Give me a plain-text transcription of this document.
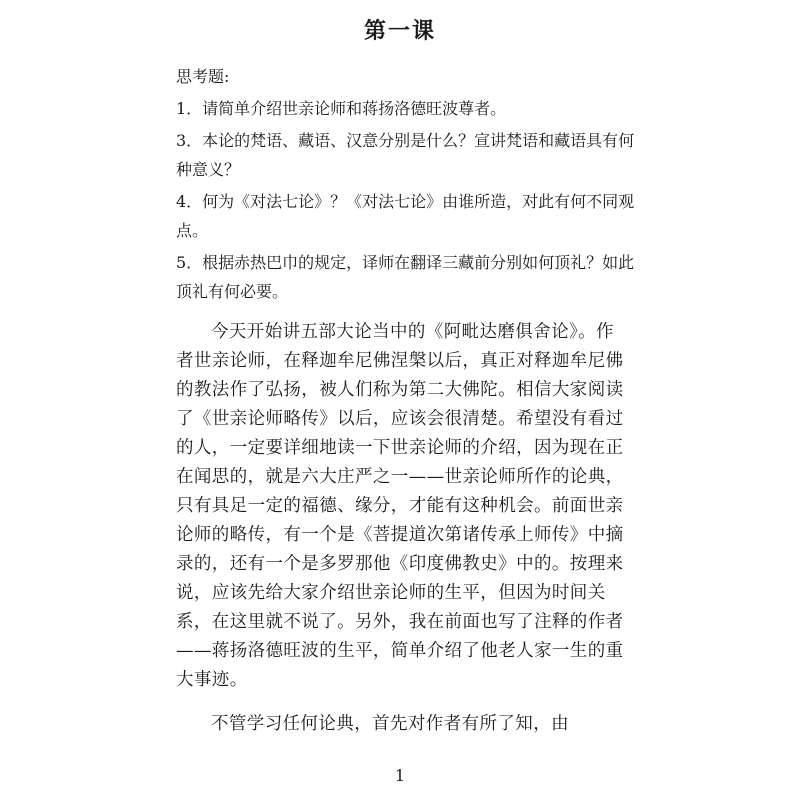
第一课
思考题:
1．请简单介绍世亲论师和蒋扬洛德旺波尊者。
3．本论的梵语、藏语、汉意分别是什么？宣讲梵语和藏语具有何种意义？
4．何为《对法七论》？《对法七论》由谁所造，对此有何不同观点。
5．根据赤热巴巾的规定，译师在翻译三藏前分别如何顶礼？如此顶礼有何必要。

今天开始讲五部大论当中的《阿毗达磨俱舍论》。作者世亲论师，在释迦牟尼佛涅槃以后，真正对释迦牟尼佛的教法作了弘扬，被人们称为第二大佛陀。相信大家阅读了《世亲论师略传》以后，应该会很清楚。希望没有看过的人，一定要详细地读一下世亲论师的介绍，因为现在正在闻思的，就是六大庄严之一——世亲论师所作的论典，只有具足一定的福德、缘分，才能有这种机会。前面世亲论师的略传，有一个是《菩提道次第诸传承上师传》中摘录的，还有一个是多罗那他《印度佛教史》中的。按理来说，应该先给大家介绍世亲论师的生平，但因为时间关系，在这里就不说了。另外，我在前面也写了注释的作者——蒋扬洛德旺波的生平，简单介绍了他老人家一生的重大事迹。

不管学习任何论典，首先对作者有所了知，由

1
